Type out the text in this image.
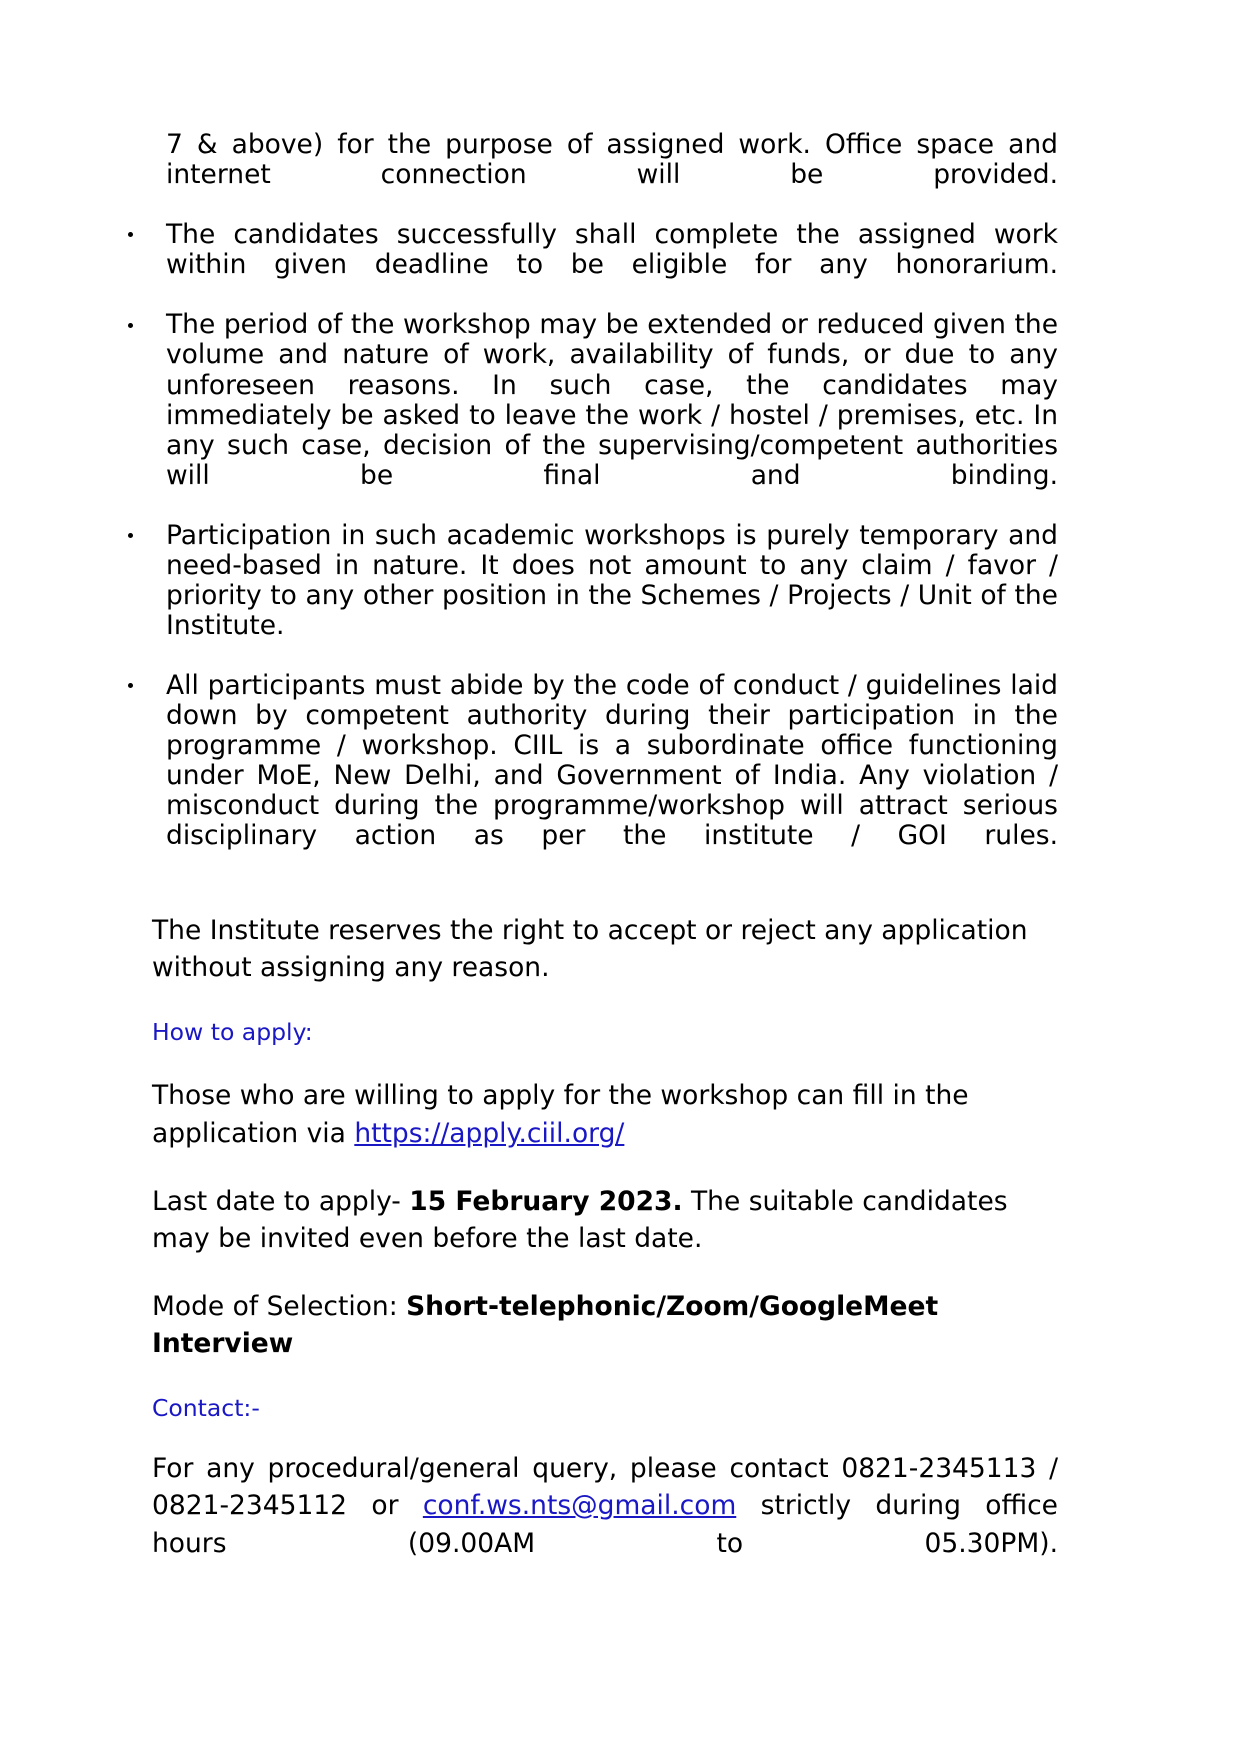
7 & above) for the purpose of assigned work. Office space and internet connection will be provided.

The candidates successfully shall complete the assigned work within given deadline to be eligible for any honorarium.

The period of the workshop may be extended or reduced given the volume and nature of work, availability of funds, or due to any unforeseen reasons. In such case, the candidates may immediately be asked to leave the work / hostel / premises, etc. In any such case, decision of the supervising/competent authorities will be final and binding.

Participation in such academic workshops is purely temporary and need-based in nature. It does not amount to any claim / favor / priority to any other position in the Schemes / Projects / Unit of the Institute.

All participants must abide by the code of conduct / guidelines laid down by competent authority during their participation in the programme / workshop. CIIL is a subordinate office functioning under MoE, New Delhi, and Government of India. Any violation / misconduct during the programme/workshop will attract serious disciplinary action as per the institute / GOI rules.

The Institute reserves the right to accept or reject any application without assigning any reason.

How to apply:

Those who are willing to apply for the workshop can fill in the application via https://apply.ciil.org/

Last date to apply- 15 February 2023. The suitable candidates may be invited even before the last date.

Mode of Selection: Short-telephonic/Zoom/GoogleMeet Interview

Contact:-

For any procedural/general query, please contact 0821-2345113 / 0821-2345112 or conf.ws.nts@gmail.com strictly during office hours (09.00AM to 05.30PM).
